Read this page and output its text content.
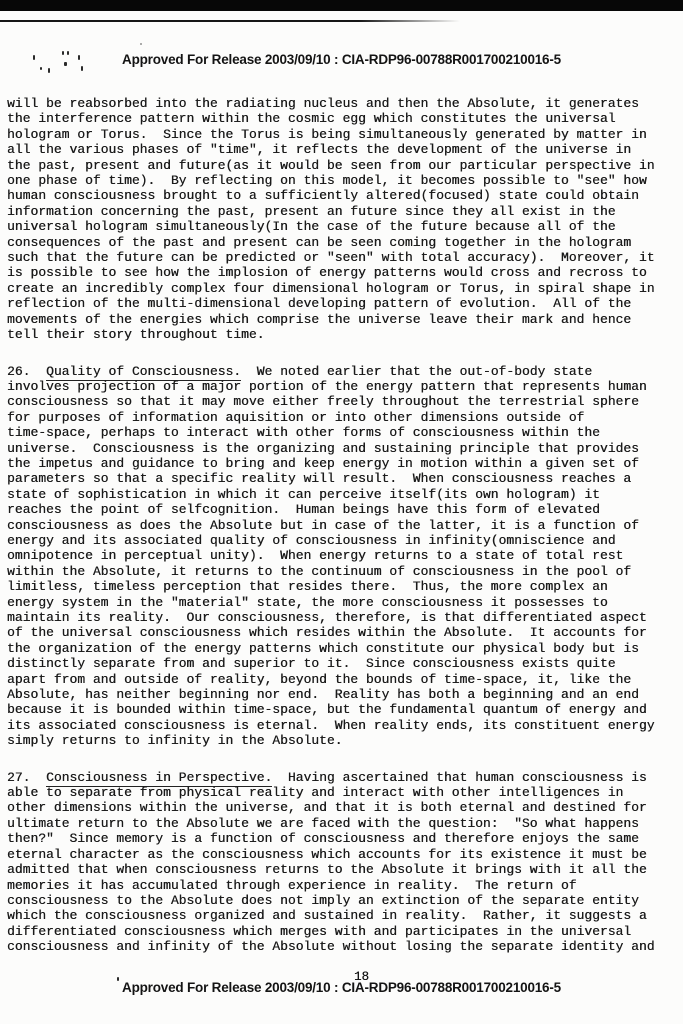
Approved For Release 2003/09/10 : CIA-RDP96-00788R001700210016-5
will be reabsorbed into the radiating nucleus and then the Absolute, it generates
the interference pattern within the cosmic egg which constitutes the universal
hologram or Torus.  Since the Torus is being simultaneously generated by matter in
all the various phases of "time", it reflects the development of the universe in
the past, present and future(as it would be seen from our particular perspective in
one phase of time).  By reflecting on this model, it becomes possible to "see" how
human consciousness brought to a sufficiently altered(focused) state could obtain
information concerning the past, present an future since they all exist in the
universal hologram simultaneously(In the case of the future because all of the
consequences of the past and present can be seen coming together in the hologram
such that the future can be predicted or "seen" with total accuracy).  Moreover, it
is possible to see how the implosion of energy patterns would cross and recross to
create an incredibly complex four dimensional hologram or Torus, in spiral shape in
reflection of the multi-dimensional developing pattern of evolution.  All of the
movements of the energies which comprise the universe leave their mark and hence
tell their story throughout time.
26.  Quality of Consciousness.  We noted earlier that the out-of-body state
involves projection of a major portion of the energy pattern that represents human
consciousness so that it may move either freely throughout the terrestrial sphere
for purposes of information aquisition or into other dimensions outside of
time-space, perhaps to interact with other forms of consciousness within the
universe.  Consciousness is the organizing and sustaining principle that provides
the impetus and guidance to bring and keep energy in motion within a given set of
parameters so that a specific reality will result.  When consciousness reaches a
state of sophistication in which it can perceive itself(its own hologram) it
reaches the point of selfcognition.  Human beings have this form of elevated
consciousness as does the Absolute but in case of the latter, it is a function of
energy and its associated quality of consciousness in infinity(omniscience and
omnipotence in perceptual unity).  When energy returns to a state of total rest
within the Absolute, it returns to the continuum of consciousness in the pool of
limitless, timeless perception that resides there.  Thus, the more complex an
energy system in the "material" state, the more consciousness it possesses to
maintain its reality.  Our consciousness, therefore, is that differentiated aspect
of the universal consciousness which resides within the Absolute.  It accounts for
the organization of the energy patterns which constitute our physical body but is
distinctly separate from and superior to it.  Since consciousness exists quite
apart from and outside of reality, beyond the bounds of time-space, it, like the
Absolute, has neither beginning nor end.  Reality has both a beginning and an end
because it is bounded within time-space, but the fundamental quantum of energy and
its associated consciousness is eternal.  When reality ends, its constituent energy
simply returns to infinity in the Absolute.
27.  Consciousness in Perspective.  Having ascertained that human consciousness is
able to separate from physical reality and interact with other intelligences in
other dimensions within the universe, and that it is both eternal and destined for
ultimate return to the Absolute we are faced with the question:  "So what happens
then?"  Since memory is a function of consciousness and therefore enjoys the same
eternal character as the consciousness which accounts for its existence it must be
admitted that when consciousness returns to the Absolute it brings with it all the
memories it has accumulated through experience in reality.  The return of
consciousness to the Absolute does not imply an extinction of the separate entity
which the consciousness organized and sustained in reality.  Rather, it suggests a
differentiated consciousness which merges with and participates in the universal
consciousness and infinity of the Absolute without losing the separate identity and
18
Approved For Release 2003/09/10 : CIA-RDP96-00788R001700210016-5
